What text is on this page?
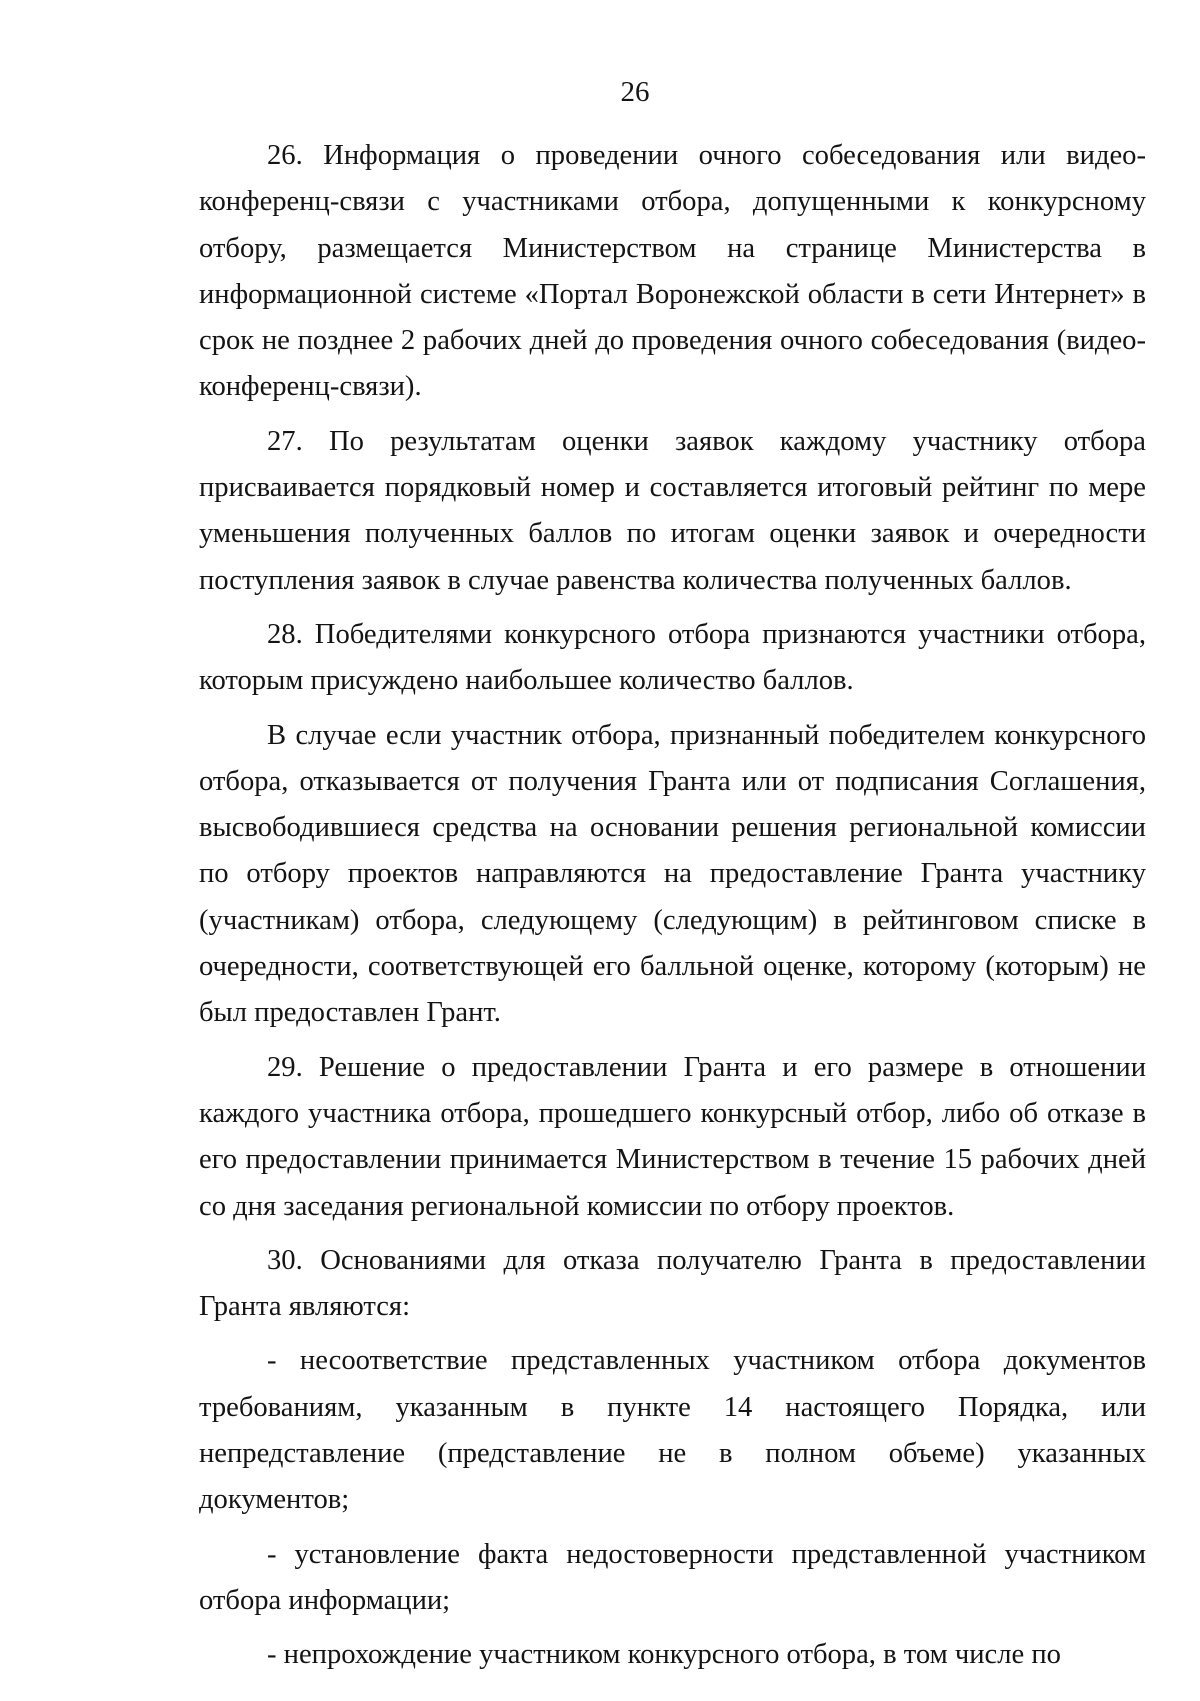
26

26. Информация о проведении очного собеседования или видео-конференц-связи с участниками отбора, допущенными к конкурсному отбору, размещается Министерством на странице Министерства в информационной системе «Портал Воронежской области в сети Интернет» в срок не позднее 2 рабочих дней до проведения очного собеседования (видео-конференц-связи).

27. По результатам оценки заявок каждому участнику отбора присваивается порядковый номер и составляется итоговый рейтинг по мере уменьшения полученных баллов по итогам оценки заявок и очередности поступления заявок в случае равенства количества полученных баллов.

28. Победителями конкурсного отбора признаются участники отбора, которым присуждено наибольшее количество баллов.

В случае если участник отбора, признанный победителем конкурсного отбора, отказывается от получения Гранта или от подписания Соглашения, высвободившиеся средства на основании решения региональной комиссии по отбору проектов направляются на предоставление Гранта участнику (участникам) отбора, следующему (следующим) в рейтинговом списке в очередности, соответствующей его балльной оценке, которому (которым) не был предоставлен Грант.

29. Решение о предоставлении Гранта и его размере в отношении каждого участника отбора, прошедшего конкурсный отбор, либо об отказе в его предоставлении принимается Министерством в течение 15 рабочих дней со дня заседания региональной комиссии по отбору проектов.

30. Основаниями для отказа получателю Гранта в предоставлении Гранта являются:

- несоответствие представленных участником отбора документов требованиям, указанным в пункте 14 настоящего Порядка, или непредставление (представление не в полном объеме) указанных документов;

- установление факта недостоверности представленной участником отбора информации;

- непрохождение участником конкурсного отбора, в том числе по
